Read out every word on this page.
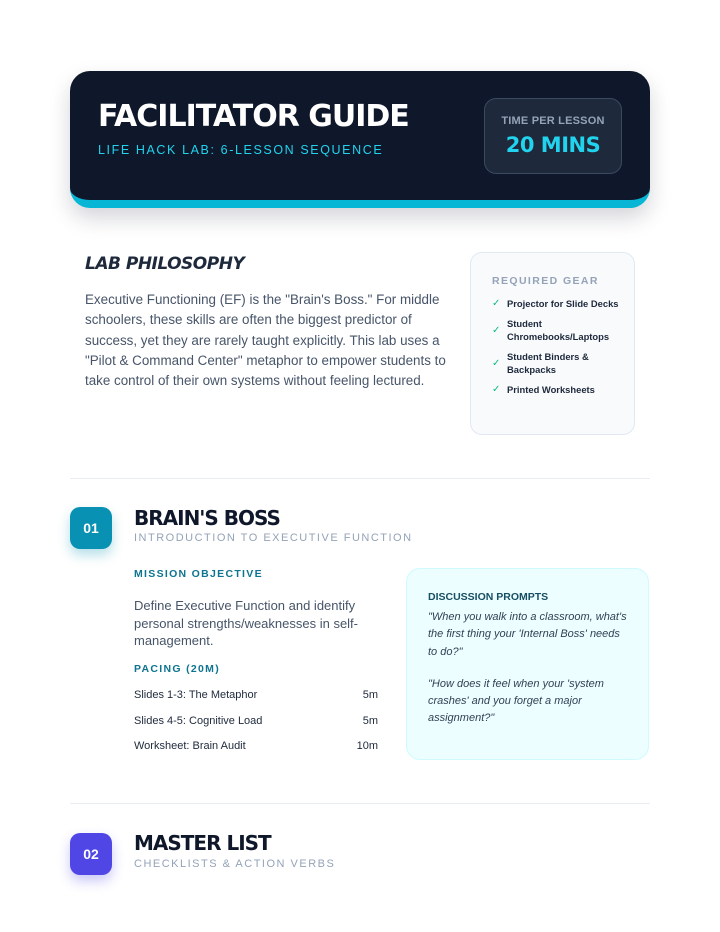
FACILITATOR GUIDE
LIFE HACK LAB: 6-LESSON SEQUENCE
TIME PER LESSON
20 MINS
LAB PHILOSOPHY

Executive Functioning (EF) is the "Brain's Boss." For middle schoolers, these skills are often the biggest predictor of success, yet they are rarely taught explicitly. This lab uses a "Pilot & Command Center" metaphor to empower students to take control of their own systems without feeling lectured.

REQUIRED GEAR
✓ Projector for Slide Decks
✓
Student Chromebooks/Laptops
✓
Student Binders & Backpacks
✓ Printed Worksheets
01	BRAIN'S BOSS
INTRODUCTION TO EXECUTIVE FUNCTION
MISSION OBJECTIVE

Define Executive Function and identify personal strengths/weaknesses in self-management.

PACING (20M)
Slides 1-3: The Metaphor	5m
Slides 4-5: Cognitive Load	5m
Worksheet: Brain Audit	10m
DISCUSSION PROMPTS

"When you walk into a classroom, what's the first thing your 'Internal Boss' needs to do?"

"How does it feel when your 'system crashes' and you forget a major assignment?"

02	MASTER LIST
CHECKLISTS & ACTION VERBS
